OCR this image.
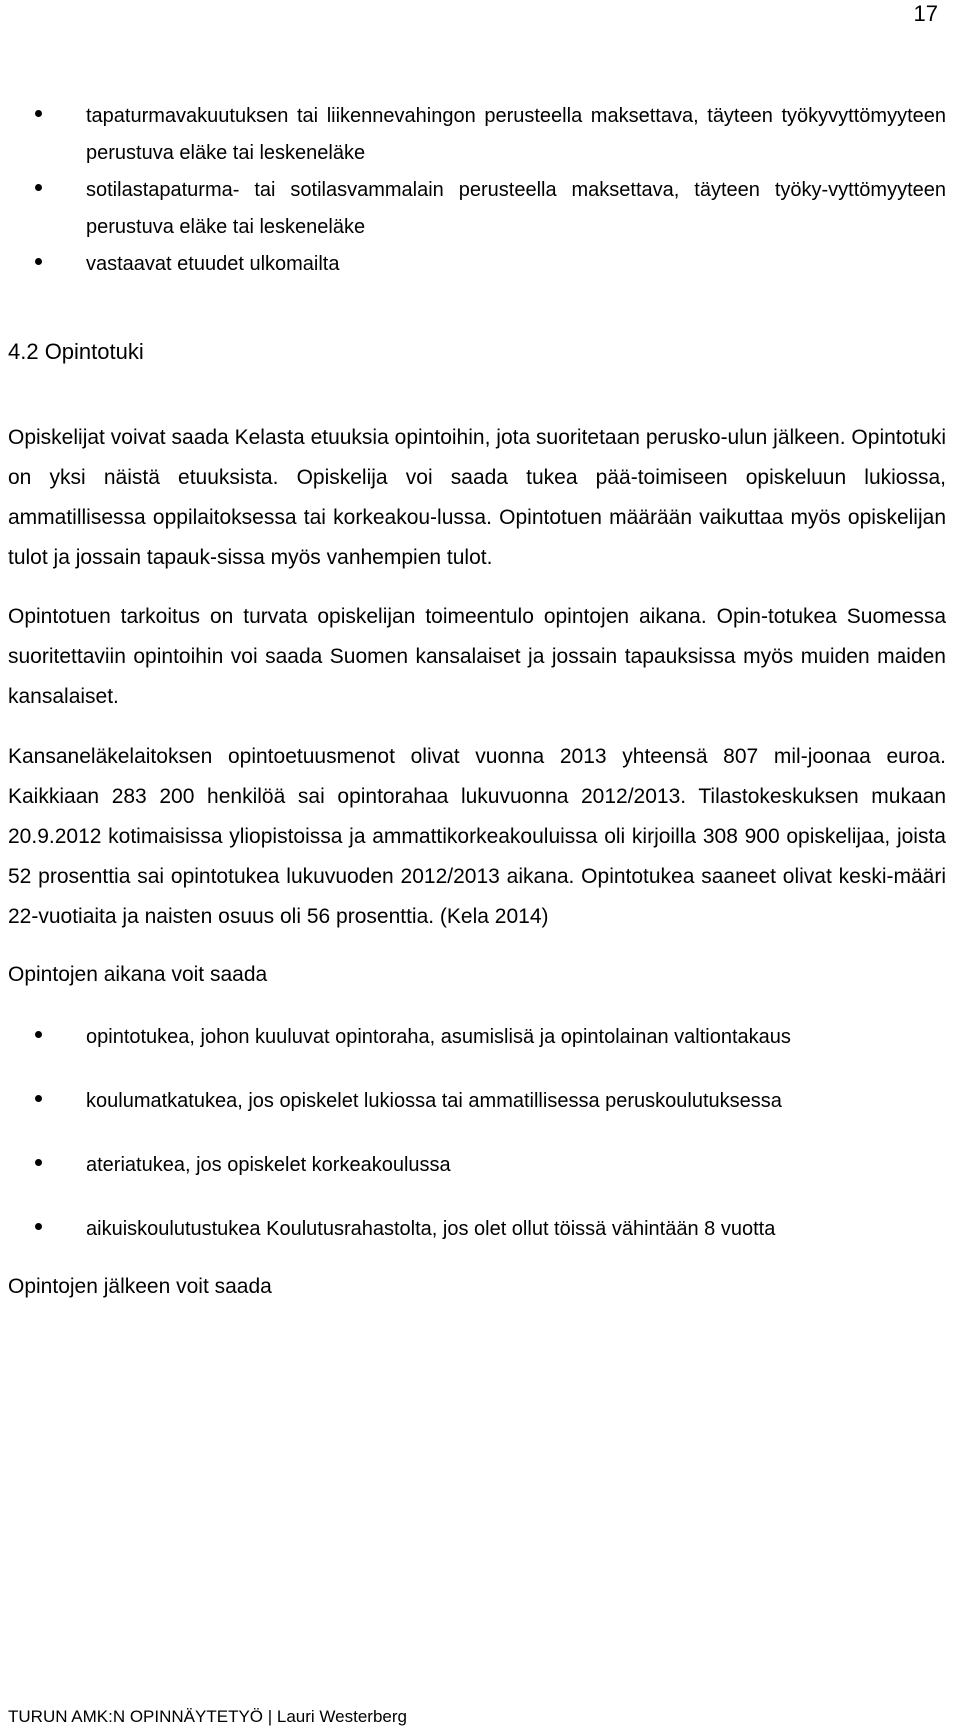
17
tapaturmavakuutuksen tai liikennevahingon perusteella maksettava, täyteen työkyvyttömyyteen perustuva eläke tai leskeneläke
sotilastapaturma- tai sotilasvammalain perusteella maksettava, täyteen työky-vyttömyyteen perustuva eläke tai leskeneläke
vastaavat etuudet ulkomailta
4.2 Opintotuki

Opiskelijat voivat saada Kelasta etuuksia opintoihin, jota suoritetaan perusko-ulun jälkeen. Opintotuki on yksi näistä etuuksista. Opiskelija voi saada tukea pää-toimiseen opiskeluun lukiossa, ammatillisessa oppilaitoksessa tai korkeakou-lussa. Opintotuen määrään vaikuttaa myös opiskelijan tulot ja jossain tapauk-sissa myös vanhempien tulot.

Opintotuen tarkoitus on turvata opiskelijan toimeentulo opintojen aikana. Opin-totukea Suomessa suoritettaviin opintoihin voi saada Suomen kansalaiset ja jossain tapauksissa myös muiden maiden kansalaiset.

Kansaneläkelaitoksen opintoetuusmenot olivat vuonna 2013 yhteensä 807 mil-joonaa euroa. Kaikkiaan 283 200 henkilöä sai opintorahaa lukuvuonna 2012/2013. Tilastokeskuksen mukaan 20.9.2012 kotimaisissa yliopistoissa ja ammattikorkeakouluissa oli kirjoilla 308 900 opiskelijaa, joista 52 prosenttia sai opintotukea lukuvuoden 2012/2013 aikana. Opintotukea saaneet olivat keski-määri 22-vuotiaita ja naisten osuus oli 56 prosenttia. (Kela 2014)

Opintojen aikana voit saada
opintotukea, johon kuuluvat opintoraha, asumislisä ja opintolainan valtiontakaus
koulumatkatukea, jos opiskelet lukiossa tai ammatillisessa peruskoulutuksessa
ateriatukea, jos opiskelet korkeakoulussa
aikuiskoulutustukea Koulutusrahastolta, jos olet ollut töissä vähintään 8 vuotta
Opintojen jälkeen voit saada
TURUN AMK:N OPINNÄYTETYÖ | Lauri Westerberg
